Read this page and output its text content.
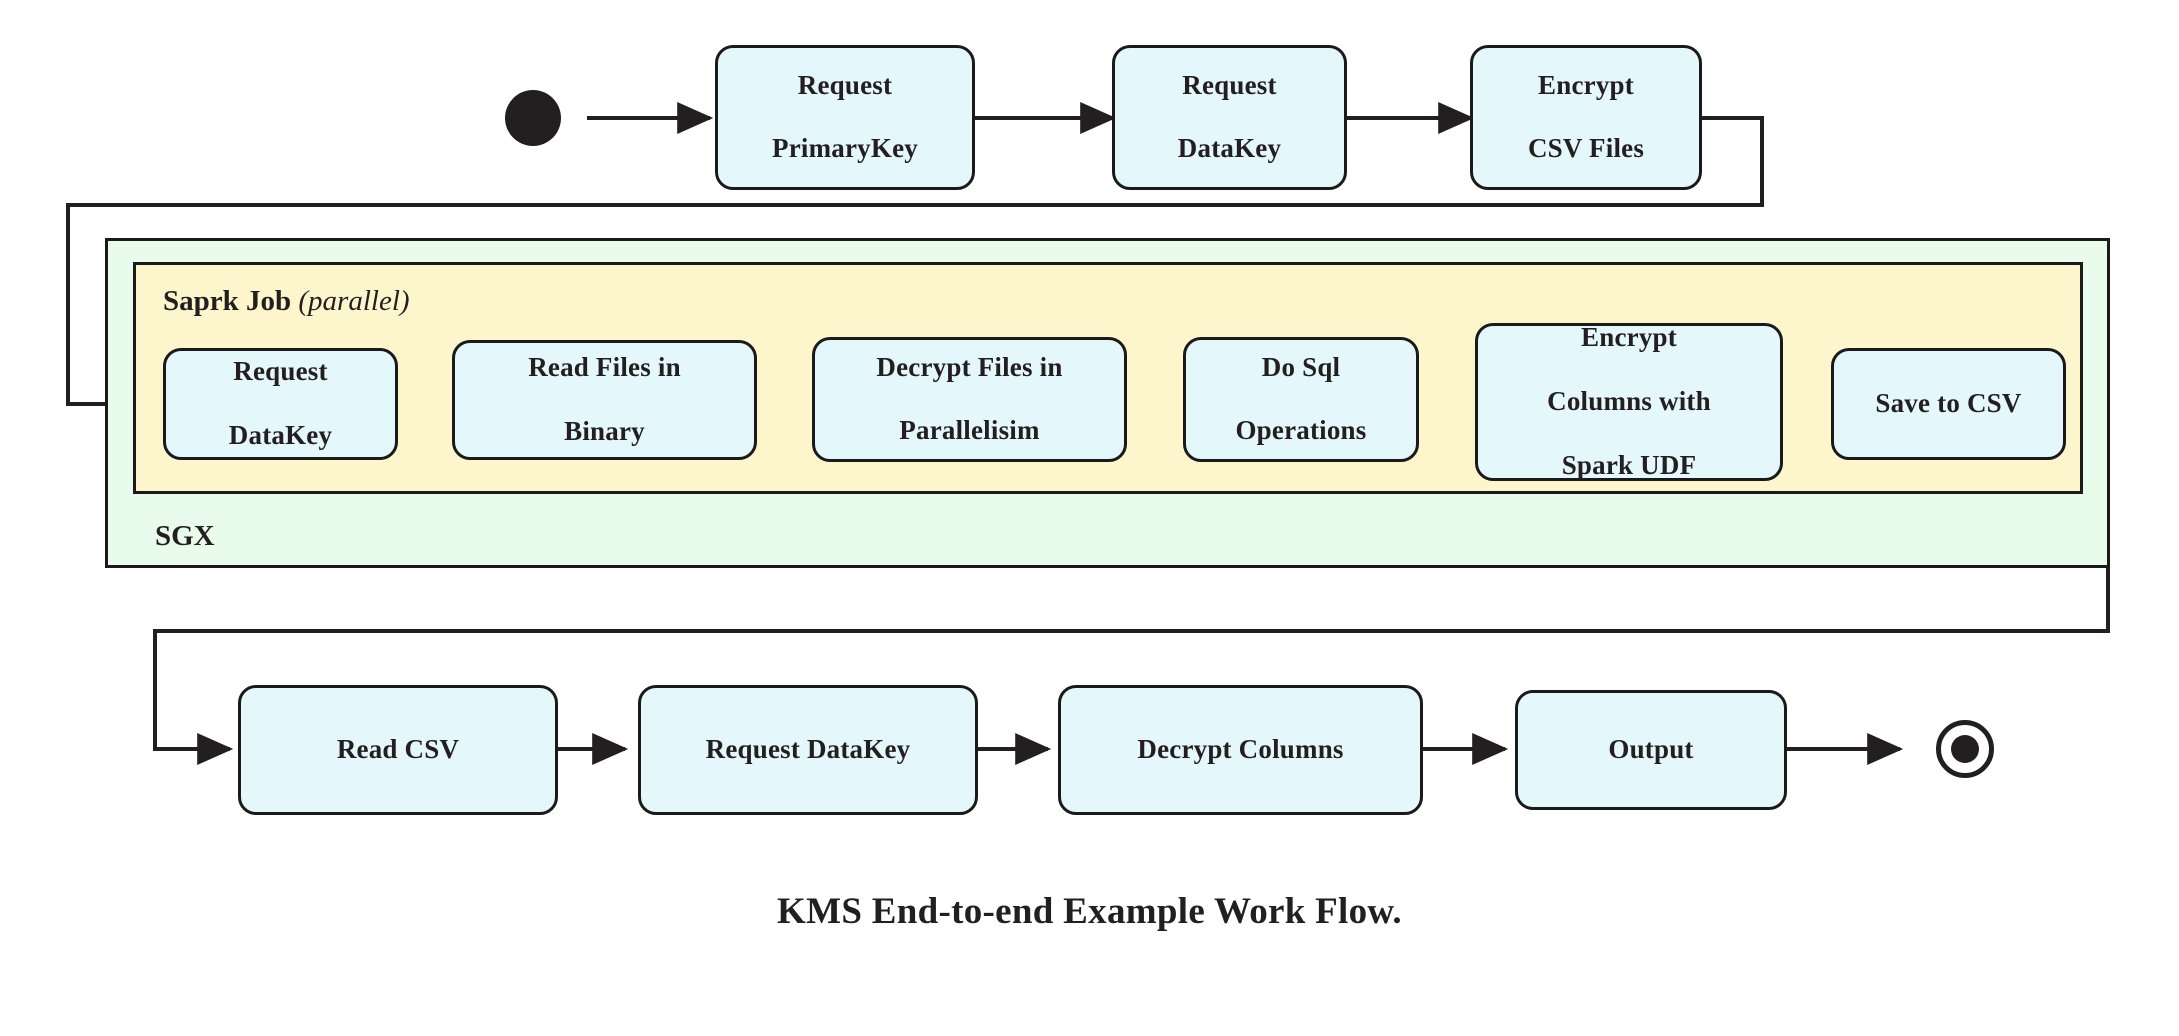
Request

PrimaryKey
Request

DataKey
Encrypt

CSV Files
SGX
Saprk Job (parallel)
Request

DataKey
Read Files in

Binary
Decrypt Files in

Parallelisim
Do Sql

Operations
Encrypt

Columns with

Spark UDF
Save to CSV
Read CSV	Request DataKey	Decrypt Columns	Output
KMS End-to-end Example Work Flow.
